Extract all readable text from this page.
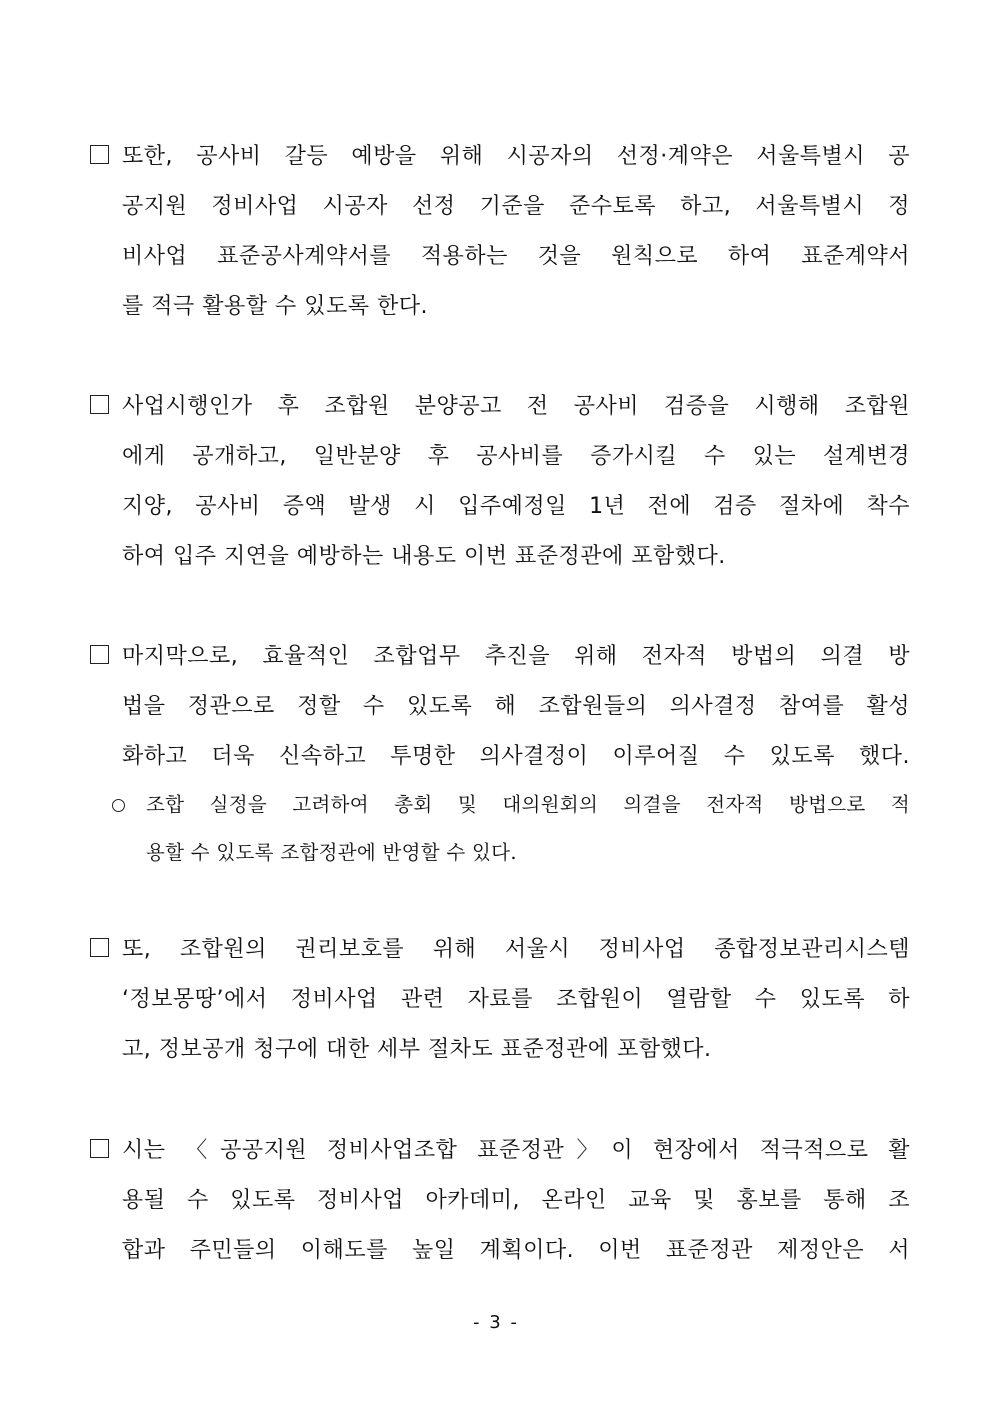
또한, 공사비 갈등 예방을 위해 시공자의 선정·계약은 서울특별시 공
공지원 정비사업 시공자 선정 기준을 준수토록 하고, 서울특별시 정
비사업 표준공사계약서를 적용하는 것을 원칙으로 하여 표준계약서
를 적극 활용할 수 있도록 한다.
사업시행인가 후 조합원 분양공고 전 공사비 검증을 시행해 조합원
에게 공개하고, 일반분양 후 공사비를 증가시킬 수 있는 설계변경
지양, 공사비 증액 발생 시 입주예정일 1년 전에 검증 절차에 착수
하여 입주 지연을 예방하는 내용도 이번 표준정관에 포함했다.
마지막으로, 효율적인 조합업무 추진을 위해 전자적 방법의 의결 방
법을 정관으로 정할 수 있도록 해 조합원들의 의사결정 참여를 활성
화하고 더욱 신속하고 투명한 의사결정이 이루어질 수 있도록 했다.
조합 실정을 고려하여 총회 및 대의원회의 의결을 전자적 방법으로 적
용할 수 있도록 조합정관에 반영할 수 있다.
또, 조합원의 권리보호를 위해 서울시 정비사업 종합정보관리시스템
‘정보몽땅’에서 정비사업 관련 자료를 조합원이 열람할 수 있도록 하
고, 정보공개 청구에 대한 세부 절차도 표준정관에 포함했다.
시는 〈공공지원 정비사업조합 표준정관〉이 현장에서 적극적으로 활
용될 수 있도록 정비사업 아카데미, 온라인 교육 및 홍보를 통해 조
합과 주민들의 이해도를 높일 계획이다. 이번 표준정관 제정안은 서
- 3 -
